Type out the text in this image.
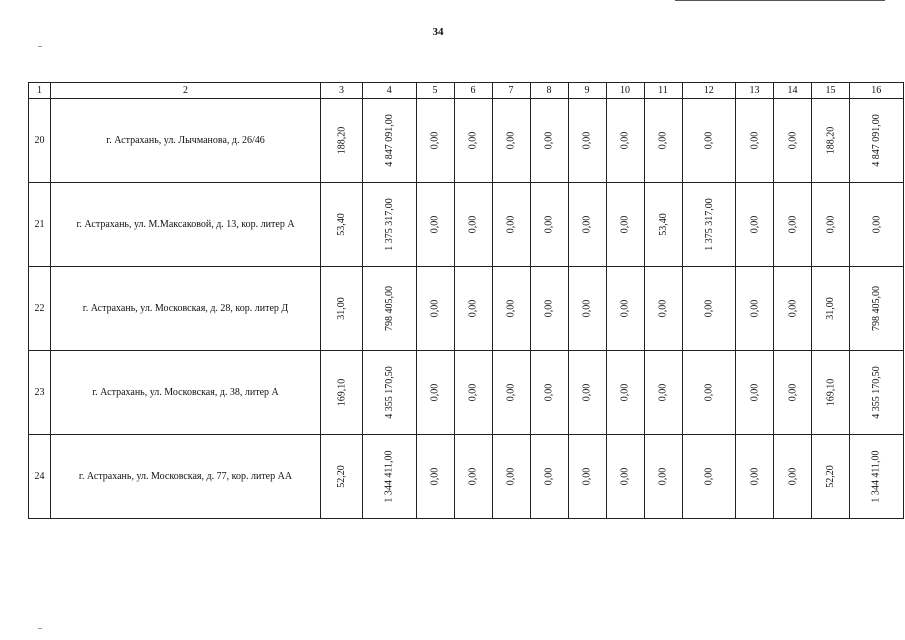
34
1	2	3	4	5	6	7	8	9	10	11	12	13	14	15	16
20	г. Астрахань, ул. Лычманова, д. 26/46	188,20	4 847 091,00	0,00	0,00	0,00	0,00	0,00	0,00	0,00	0,00	0,00	0,00	188,20	4 847 091,00
21	г. Астрахань, ул. М.Максаковой, д. 13, кор. литер А	53,40	1 375 317,00	0,00	0,00	0,00	0,00	0,00	0,00	53,40	1 375 317,00	0,00	0,00	0,00	0,00
22	г. Астрахань, ул. Московская, д. 28, кор. литер Д	31,00	798 405,00	0,00	0,00	0,00	0,00	0,00	0,00	0,00	0,00	0,00	0,00	31,00	798 405,00
23	г. Астрахань, ул. Московская, д. 38, литер А	169,10	4 355 170,50	0,00	0,00	0,00	0,00	0,00	0,00	0,00	0,00	0,00	0,00	169,10	4 355 170,50
24	г. Астрахань, ул. Московская, д. 77, кор. литер АА	52,20	1 344 411,00	0,00	0,00	0,00	0,00	0,00	0,00	0,00	0,00	0,00	0,00	52,20	1 344 411,00
